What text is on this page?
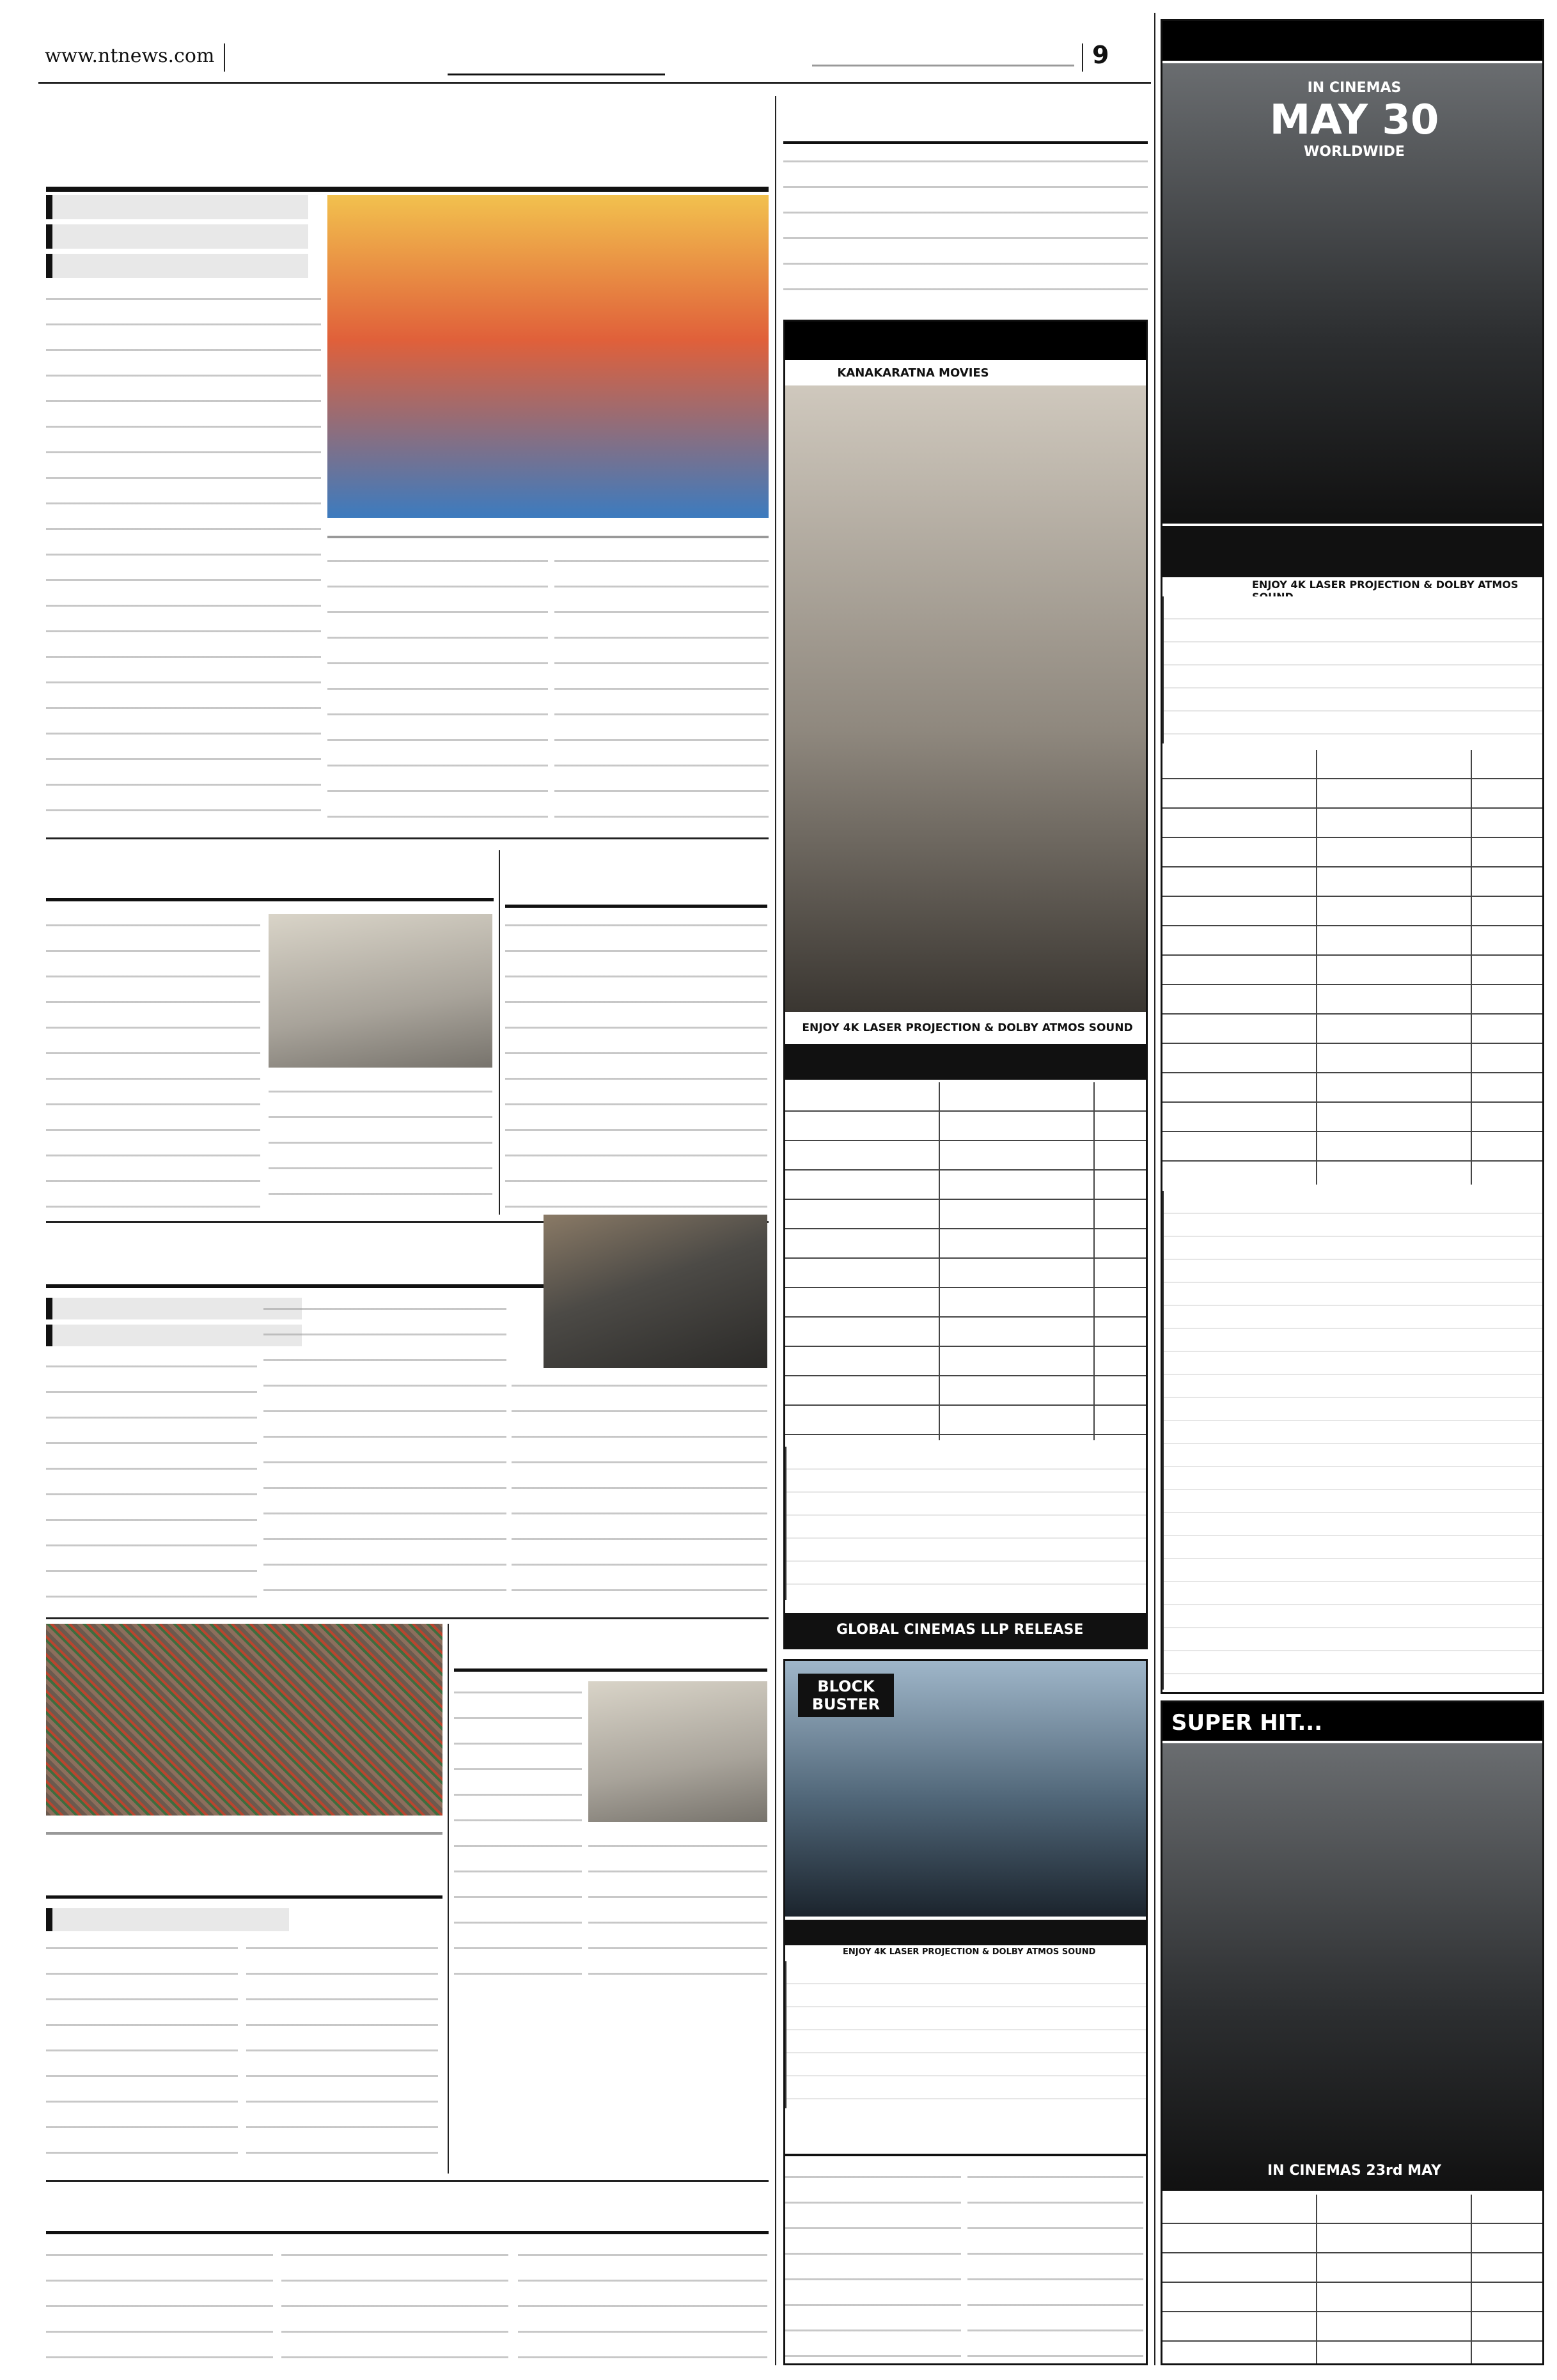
www.ntnews.com	9
KANAKARATNA MOVIES
ENJOY 4K LASER PROJECTION & DOLBY ATMOS SOUND
GLOBAL CINEMAS LLP RELEASE
BLOCK BUSTER
ENJOY 4K LASER PROJECTION & DOLBY ATMOS SOUND
IN CINEMAS
MAY 30
WORLDWIDE
ENJOY 4K LASER PROJECTION & DOLBY ATMOS
SUPER HIT...
IN CINEMAS 23rd MAY
